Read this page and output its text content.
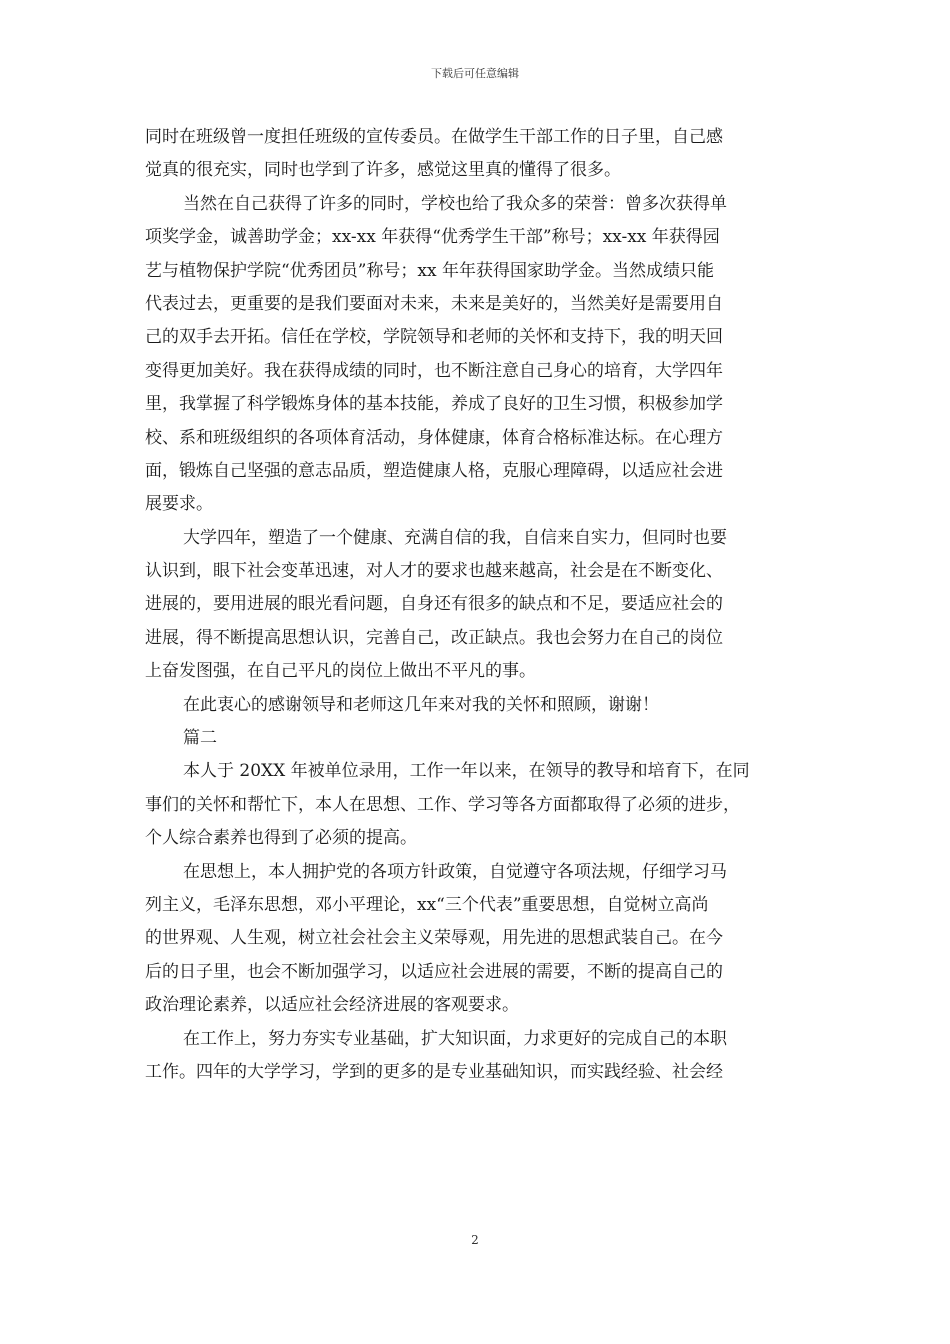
下载后可任意编辑
同时在班级曾一度担任班级的宣传委员。在做学生干部工作的日子里，自己感
觉真的很充实，同时也学到了许多，感觉这里真的懂得了很多。
当然在自己获得了许多的同时，学校也给了我众多的荣誉：曾多次获得单
项奖学金，诚善助学金；xx-xx 年获得“优秀学生干部”称号；xx-xx 年获得园
艺与植物保护学院“优秀团员”称号；xx 年年获得国家助学金。当然成绩只能
代表过去，更重要的是我们要面对未来，未来是美好的，当然美好是需要用自
己的双手去开拓。信任在学校，学院领导和老师的关怀和支持下，我的明天回
变得更加美好。我在获得成绩的同时，也不断注意自己身心的培育，大学四年
里，我掌握了科学锻炼身体的基本技能，养成了良好的卫生习惯，积极参加学
校、系和班级组织的各项体育活动，身体健康，体育合格标准达标。在心理方
面，锻炼自己坚强的意志品质，塑造健康人格，克服心理障碍，以适应社会进
展要求。
大学四年，塑造了一个健康、充满自信的我，自信来自实力，但同时也要
认识到，眼下社会变革迅速，对人才的要求也越来越高，社会是在不断变化、
进展的，要用进展的眼光看问题，自身还有很多的缺点和不足，要适应社会的
进展，得不断提高思想认识，完善自己，改正缺点。我也会努力在自己的岗位
上奋发图强，在自己平凡的岗位上做出不平凡的事。
在此衷心的感谢领导和老师这几年来对我的关怀和照顾，谢谢！
篇二
本人于 20XX 年被单位录用，工作一年以来，在领导的教导和培育下，在同
事们的关怀和帮忙下，本人在思想、工作、学习等各方面都取得了必须的进步，
个人综合素养也得到了必须的提高。
在思想上，本人拥护党的各项方针政策，自觉遵守各项法规，仔细学习马
列主义，毛泽东思想，邓小平理论，xx“三个代表”重要思想，自觉树立高尚
的世界观、人生观，树立社会社会主义荣辱观，用先进的思想武装自己。在今
后的日子里，也会不断加强学习，以适应社会进展的需要，不断的提高自己的
政治理论素养，以适应社会经济进展的客观要求。
在工作上，努力夯实专业基础，扩大知识面，力求更好的完成自己的本职
工作。四年的大学学习，学到的更多的是专业基础知识，而实践经验、社会经
2
